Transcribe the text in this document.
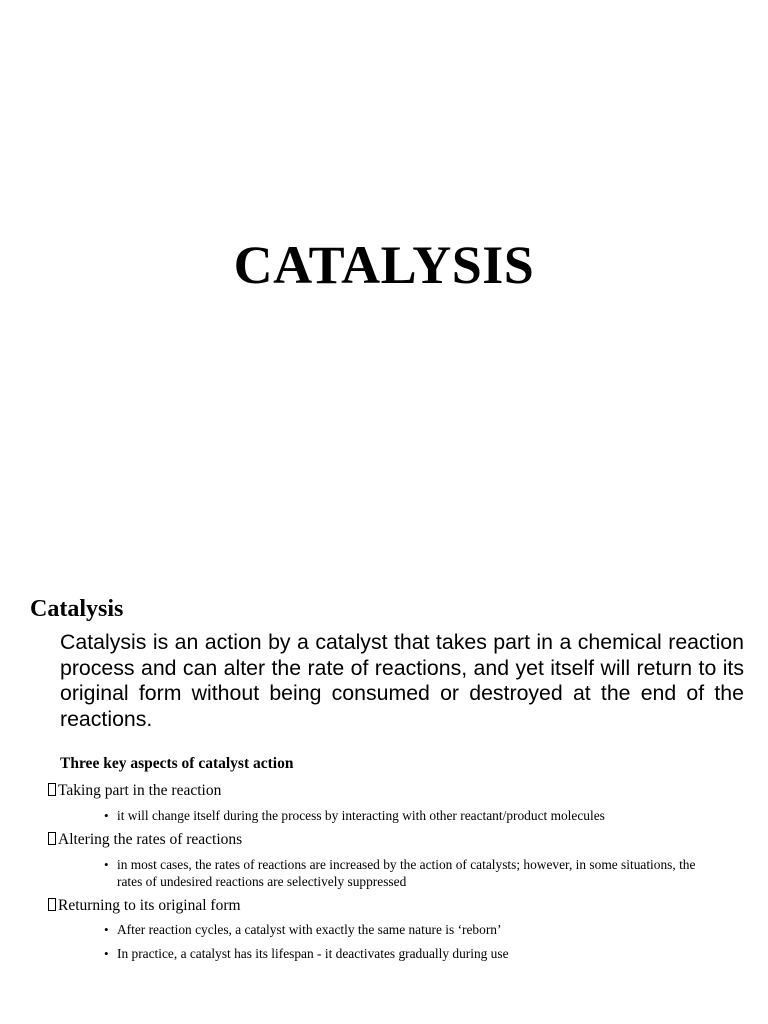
CATALYSIS
Catalysis

Catalysis is an action by a catalyst that takes part in a chemical reaction process and can alter the rate of reactions, and yet itself will return to its original form without being consumed or destroyed at the end of the reactions.

Three key aspects of catalyst action
Taking part in the reaction
• it will change itself during the process by interacting with other reactant/product molecules
Altering the rates of reactions
• in most cases, the rates of reactions are increased by the action of catalysts; however, in some situations, the rates of undesired reactions are selectively suppressed
Returning to its original form
• After reaction cycles, a catalyst with exactly the same nature is ‘reborn’
• In practice, a catalyst has its lifespan - it deactivates gradually during use
